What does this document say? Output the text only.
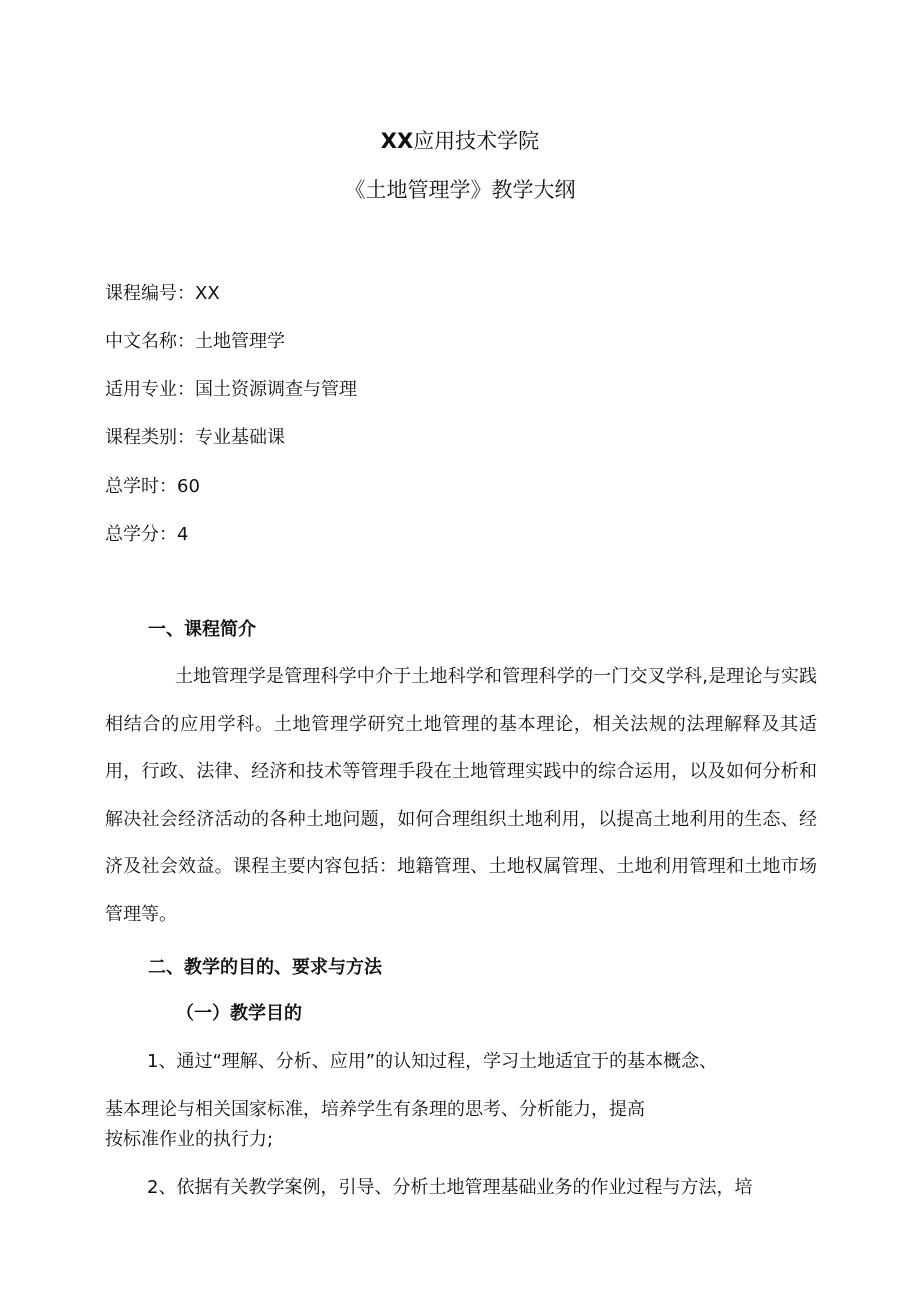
XX应用技术学院
《土地管理学》教学大纲
课程编号：XX
中文名称：土地管理学
适用专业：国土资源调查与管理
课程类别：专业基础课
总学时：60
总学分：4
一、课程简介
土地管理学是管理科学中介于土地科学和管理科学的一门交叉学科,是理论与实践相结合的应用学科。土地管理学研究土地管理的基本理论，相关法规的法理解释及其适用，行政、法律、经济和技术等管理手段在土地管理实践中的综合运用，以及如何分析和解决社会经济活动的各种土地问题，如何合理组织土地利用，以提高土地利用的生态、经济及社会效益。课程主要内容包括：地籍管理、土地权属管理、土地利用管理和土地市场管理等。
二、教学的目的、要求与方法
（一）教学目的
1、通过“理解、分析、应用”的认知过程，学习土地适宜于的基本概念、
基本理论与相关国家标准，培养学生有条理的思考、分析能力，提高
按标准作业的执行力;
2、依据有关教学案例，引导、分析土地管理基础业务的作业过程与方法，培
